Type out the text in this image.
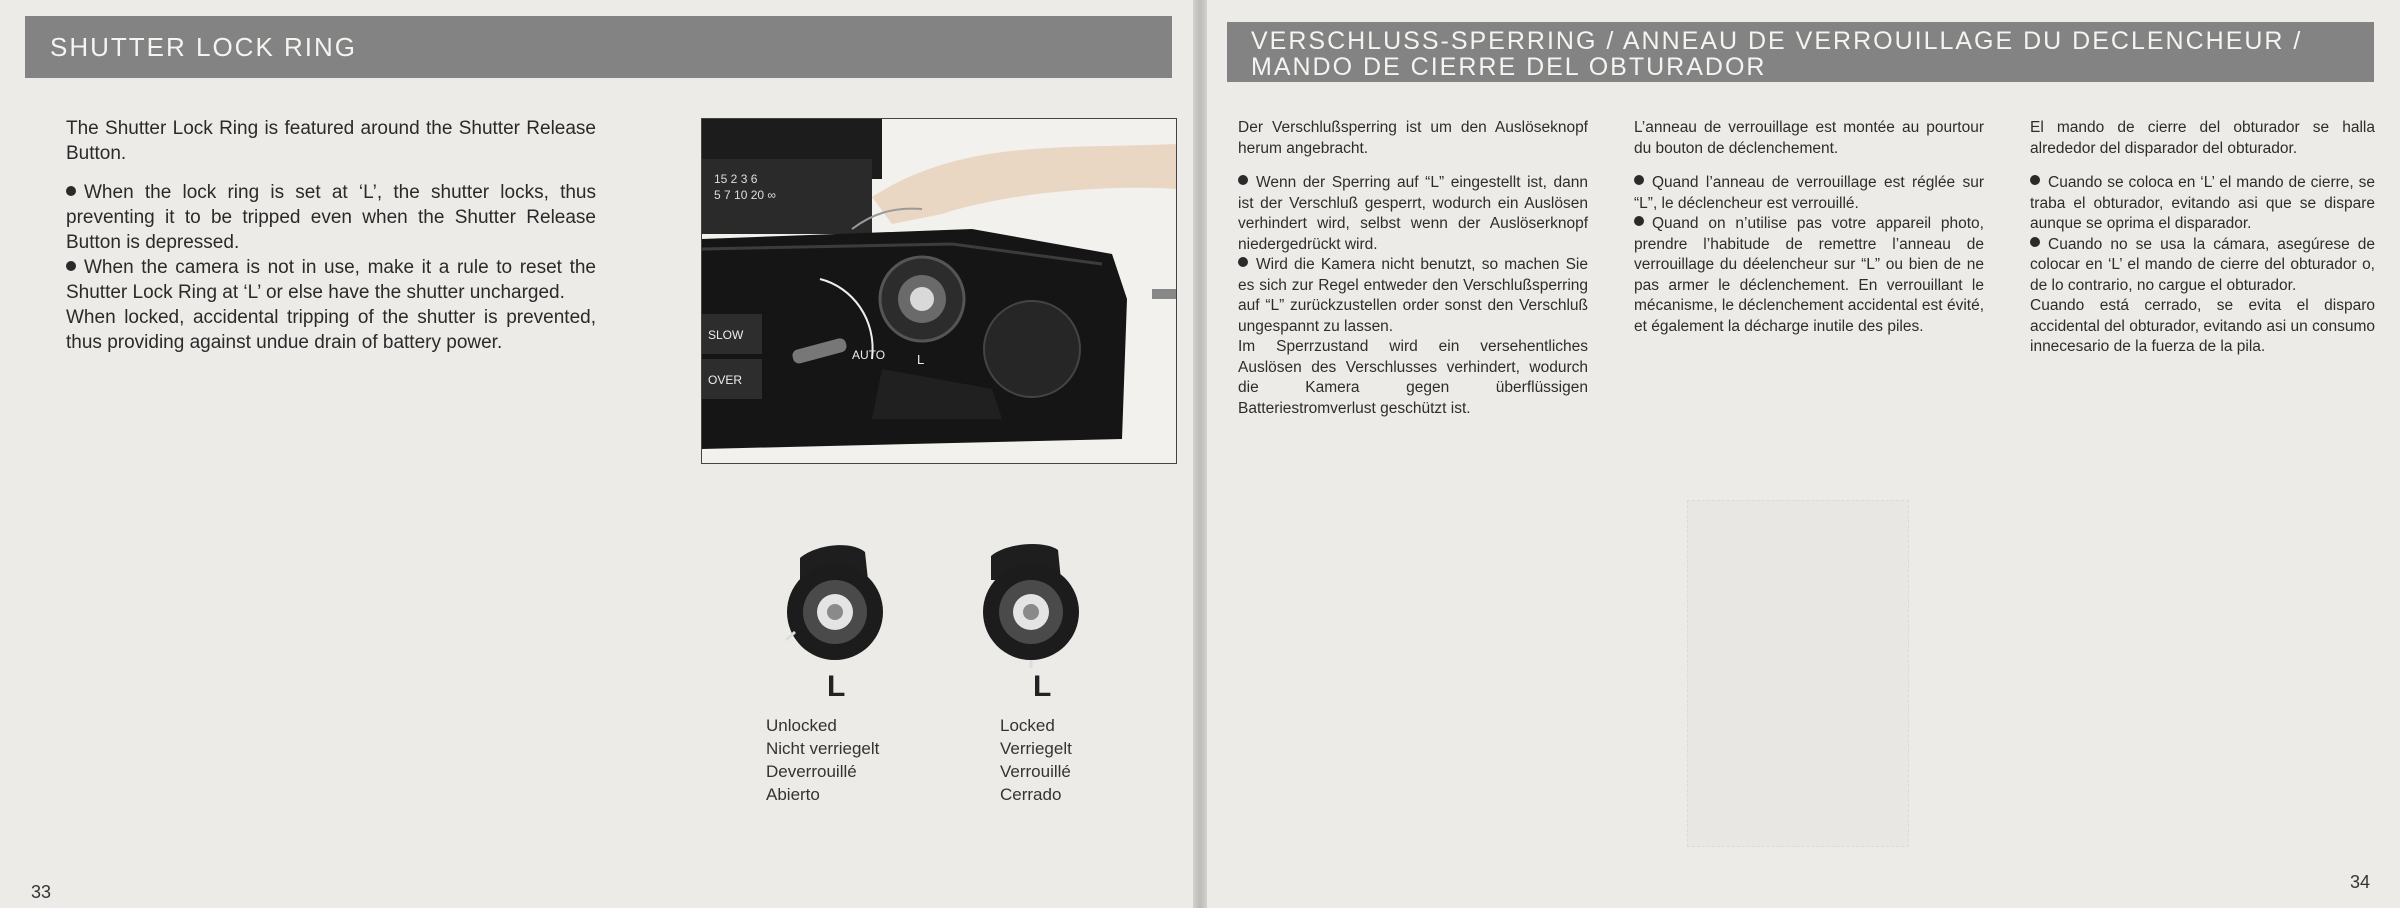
SHUTTER LOCK RING

The Shutter Lock Ring is featured around the Shutter Release Button.

When the lock ring is set at ‘L’, the shutter locks, thus preventing it to be tripped even when the Shutter Release Button is depressed.

When the camera is not in use, make it a rule to reset the Shutter Lock Ring at ‘L’ or else have the shutter uncharged.

When locked, accidental tripping of the shutter is prevented, thus providing against undue drain of battery power.

15 2 3 6
5 7 10 20 ∞
SLOW
OVER
AUTO L
L	L
Unlocked
Nicht verriegelt
Deverrouillé
Abierto
Locked
Verriegelt
Verrouillé
Cerrado
33
VERSCHLUSS-SPERRING / ANNEAU DE VERROUILLAGE DU DECLENCHEUR /
MANDO DE CIERRE DEL OBTURADOR

Der Verschlußsperring ist um den Auslöseknopf herum angebracht.

Wenn der Sperring auf “L” eingestellt ist, dann ist der Verschluß gesperrt, wodurch ein Auslösen verhindert wird, selbst wenn der Auslöserknopf niedergedrückt wird.

Wird die Kamera nicht benutzt, so machen Sie es sich zur Regel entweder den Verschlußsperring auf “L” zurückzustellen order sonst den Verschluß ungespannt zu lassen.

Im Sperrzustand wird ein versehentliches Auslösen des Verschlusses verhindert, wodurch die Kamera gegen überflüssigen Batteriestromverlust geschützt ist.

L’anneau de verrouillage est montée au pourtour du bouton de déclenchement.

Quand l’anneau de verrouillage est réglée sur “L”, le déclencheur est verrouillé.

Quand on n’utilise pas votre appareil photo, prendre l’habitude de remettre l’anneau de verrouillage du déelencheur sur “L” ou bien de ne pas armer le déclenchement. En verrouillant le mécanisme, le déclenchement accidental est évité, et également la décharge inutile des piles.

El mando de cierre del obturador se halla alrededor del disparador del obturador.

Cuando se coloca en ‘L’ el mando de cierre, se traba el obturador, evitando asi que se dispare aunque se oprima el disparador.

Cuando no se usa la cámara, asegúrese de colocar en ‘L’ el mando de cierre del obturador o, de lo contrario, no cargue el obturador.

Cuando está cerrado, se evita el disparo accidental del obturador, evitando asi un consumo innecesario de la fuerza de la pila.

34
